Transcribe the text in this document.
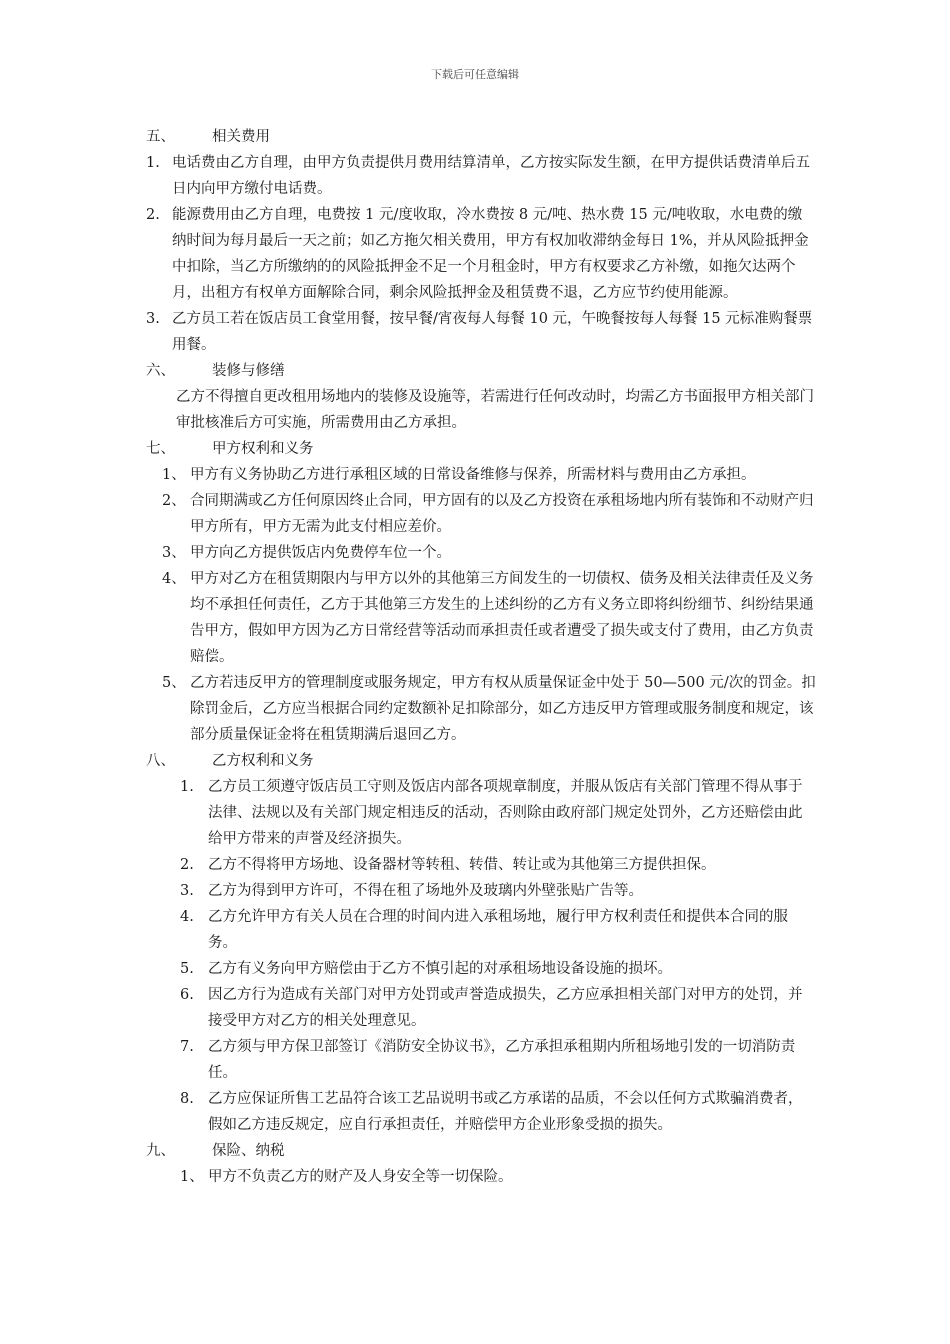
下载后可任意编辑
五、	相关费用
1. 电话费由乙方自理，由甲方负责提供月费用结算清单，乙方按实际发生额，在甲方提供话费清单后五日内向甲方缴付电话费。
2. 能源费用由乙方自理，电费按 1 元/度收取，冷水费按 8 元/吨、热水费 15 元/吨收取，水电费的缴纳时间为每月最后一天之前；如乙方拖欠相关费用，甲方有权加收滞纳金每日 1%，并从风险抵押金中扣除，当乙方所缴纳的的风险抵押金不足一个月租金时，甲方有权要求乙方补缴，如拖欠达两个月，出租方有权单方面解除合同，剩余风险抵押金及租赁费不退，乙方应节约使用能源。
3. 乙方员工若在饭店员工食堂用餐，按早餐/宵夜每人每餐 10 元，午晚餐按每人每餐 15 元标准购餐票用餐。
六、	装修与修缮
乙方不得擅自更改租用场地内的装修及设施等，若需进行任何改动时，均需乙方书面报甲方相关部门审批核准后方可实施，所需费用由乙方承担。
七、	甲方权利和义务
1、 甲方有义务协助乙方进行承租区域的日常设备维修与保养，所需材料与费用由乙方承担。
2、 合同期满或乙方任何原因终止合同，甲方固有的以及乙方投资在承租场地内所有装饰和不动财产归甲方所有，甲方无需为此支付相应差价。
3、 甲方向乙方提供饭店内免费停车位一个。
4、 甲方对乙方在租赁期限内与甲方以外的其他第三方间发生的一切债权、债务及相关法律责任及义务均不承担任何责任，乙方于其他第三方发生的上述纠纷的乙方有义务立即将纠纷细节、纠纷结果通告甲方，假如甲方因为乙方日常经营等活动而承担责任或者遭受了损失或支付了费用，由乙方负责赔偿。
5、 乙方若违反甲方的管理制度或服务规定，甲方有权从质量保证金中处于 50—500 元/次的罚金。扣除罚金后，乙方应当根据合同约定数额补足扣除部分，如乙方违反甲方管理或服务制度和规定，该部分质量保证金将在租赁期满后退回乙方。
八、	乙方权利和义务
1. 乙方员工须遵守饭店员工守则及饭店内部各项规章制度，并服从饭店有关部门管理不得从事于法律、法规以及有关部门规定相违反的活动，否则除由政府部门规定处罚外，乙方还赔偿由此给甲方带来的声誉及经济损失。
2. 乙方不得将甲方场地、设备器材等转租、转借、转让或为其他第三方提供担保。
3. 乙方为得到甲方许可，不得在租了场地外及玻璃内外壁张贴广告等。
4. 乙方允许甲方有关人员在合理的时间内进入承租场地，履行甲方权利责任和提供本合同的服务。
5. 乙方有义务向甲方赔偿由于乙方不慎引起的对承租场地设备设施的损坏。
6. 因乙方行为造成有关部门对甲方处罚或声誉造成损失，乙方应承担相关部门对甲方的处罚，并接受甲方对乙方的相关处理意见。
7. 乙方须与甲方保卫部签订《消防安全协议书》，乙方承担承租期内所租场地引发的一切消防责任。
8. 乙方应保证所售工艺品符合该工艺品说明书或乙方承诺的品质，不会以任何方式欺骗消费者，假如乙方违反规定，应自行承担责任，并赔偿甲方企业形象受损的损失。
九、	保险、纳税
1、 甲方不负责乙方的财产及人身安全等一切保险。
